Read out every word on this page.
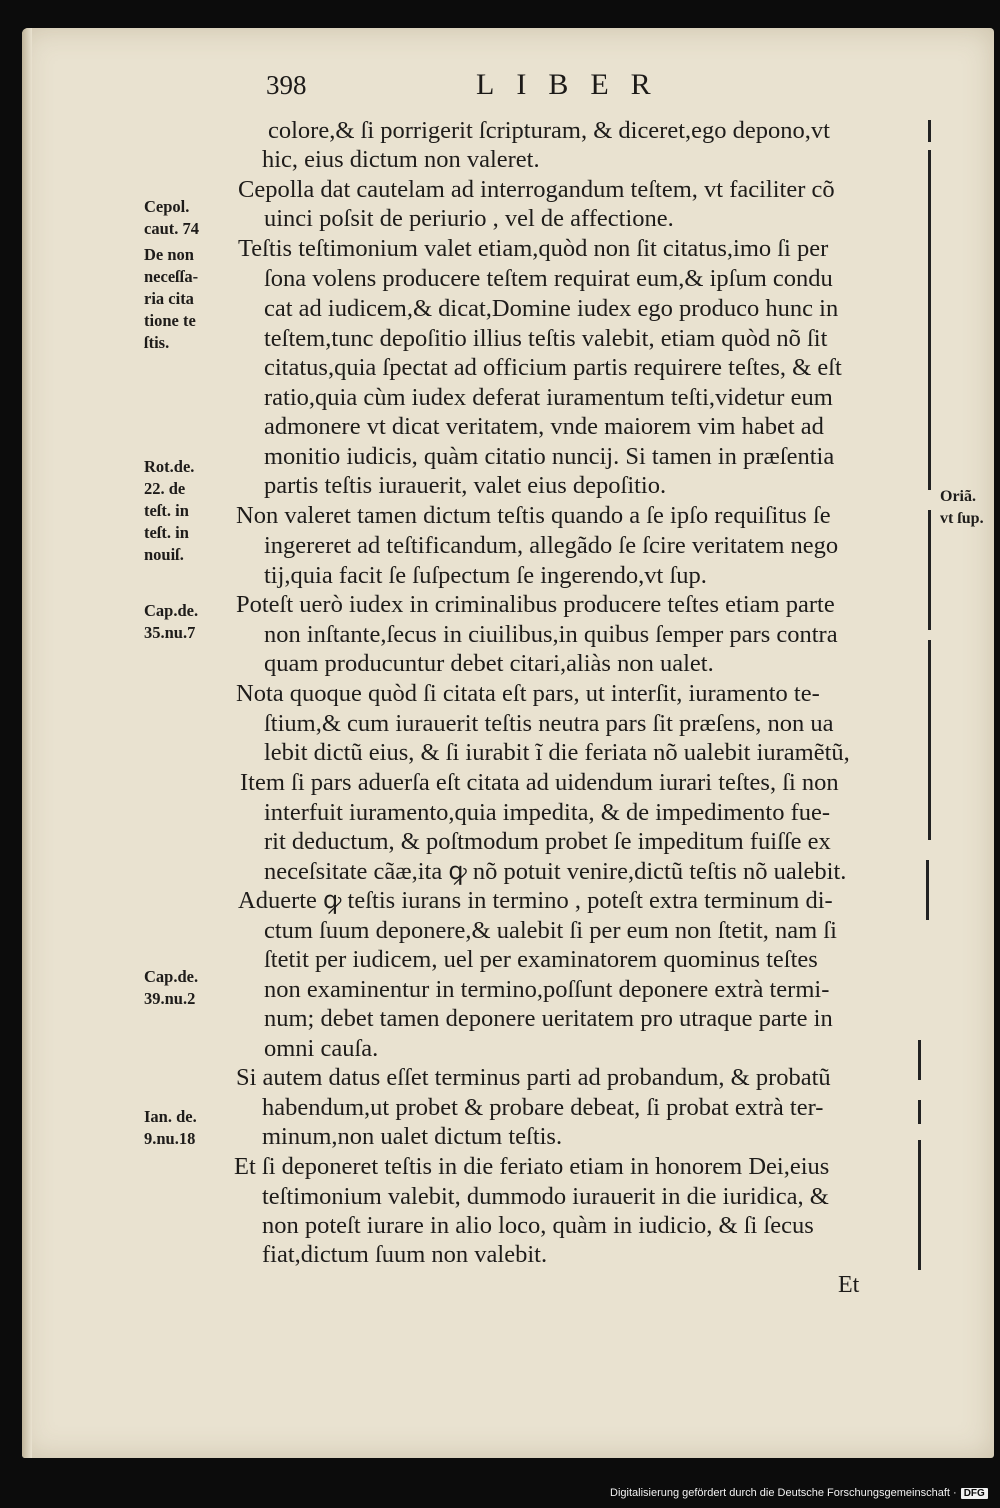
398	LIBER
colore,& ſi porrigerit ſcripturam, & diceret,ego depono,vt
hic, eius dictum non valeret.
Cepolla dat cautelam ad interrogandum teſtem, vt faciliter cõ
uinci poſsit de periurio , vel de affectione.
Teſtis teſtimonium valet etiam,quòd non ſit citatus,imo ſi per
ſona volens producere teſtem requirat eum,& ipſum condu
cat ad iudicem,& dicat,Domine iudex ego produco hunc in
teſtem,tunc depoſitio illius teſtis valebit, etiam quòd nõ ſit
citatus,quia ſpectat ad officium partis requirere teſtes, & eſt
ratio,quia cùm iudex deferat iuramentum teſti,videtur eum
admonere vt dicat veritatem, vnde maiorem vim habet ad
monitio iudicis, quàm citatio nuncij. Si tamen in præſentia
partis teſtis iurauerit, valet eius depoſitio.
Non valeret tamen dictum teſtis quando a ſe ipſo requiſitus ſe
ingereret ad teſtificandum, allegãdo ſe ſcire veritatem nego
tij,quia facit ſe ſuſpectum ſe ingerendo,vt ſup.
Poteſt uerò iudex in criminalibus producere teſtes etiam parte
non inſtante,ſecus in ciuilibus,in quibus ſemper pars contra
quam producuntur debet citari,aliàs non ualet.
Nota quoque quòd ſi citata eſt pars, ut interſit, iuramento te-
ſtium,& cum iurauerit teſtis neutra pars ſit præſens, non ua
lebit dictũ eius, & ſi iurabit ĩ die feriata nõ ualebit iuramẽtũ,
Item ſi pars aduerſa eſt citata ad uidendum iurari teſtes, ſi non
interfuit iuramento,quia impedita, & de impedimento fue-
rit deductum, & poſtmodum probet ſe impeditum fuiſſe ex
neceſsitate cãæ,ita ꝙ nõ potuit venire,dictũ teſtis nõ ualebit.
Aduerte ꝙ teſtis iurans in termino , poteſt extra terminum di-
ctum ſuum deponere,& ualebit ſi per eum non ſtetit, nam ſi
ſtetit per iudicem, uel per examinatorem quominus teſtes
non examinentur in termino,poſſunt deponere extrà termi-
num; debet tamen deponere ueritatem pro utraque parte in
omni cauſa.
Si autem datus eſſet terminus parti ad probandum, & probatũ
habendum,ut probet & probare debeat, ſi probat extrà ter-
minum,non ualet dictum teſtis.
Et ſi deponeret teſtis in die feriato etiam in honorem Dei,eius
teſtimonium valebit, dummodo iurauerit in die iuridica, &
non poteſt iurare in alio loco, quàm in iudicio, & ſi ſecus
fiat,dictum ſuum non valebit.
Cepol.
caut. 74
De non
neceſſa-
ria cita
tione te
ſtis.
Rot.de.
22. de
teſt. in
teſt. in
nouiſ.
Cap.de.
35.nu.7
Cap.de.
39.nu.2
Ian. de.
9.nu.18
Oriã.
vt ſup.
Et
Digitalisierung gefördert durch die Deutsche Forschungsgemeinschaft · DFG
